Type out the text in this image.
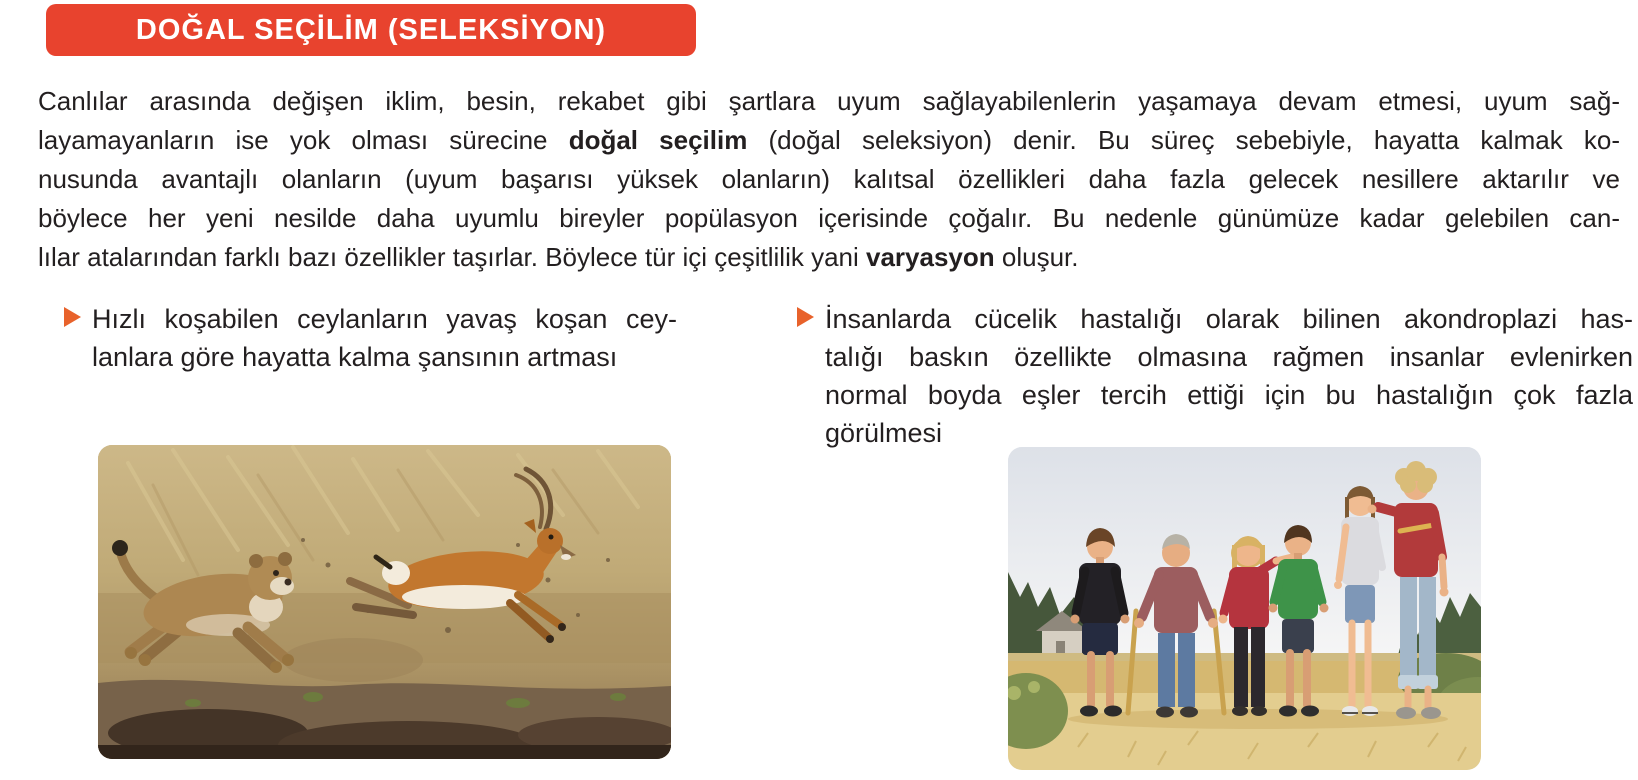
DOĞAL SEÇİLİM (SELEKSİYON)
Canlılar arasında değişen iklim, besin, rekabet gibi şartlara uyum sağlayabilenlerin yaşamaya devam etmesi, uyum sağ-
layamayanların ise yok olması sürecine doğal seçilim (doğal seleksiyon) denir. Bu süreç sebebiyle, hayatta kalmak ko-
nusunda avantajlı olanların (uyum başarısı yüksek olanların) kalıtsal özellikleri daha fazla gelecek nesillere aktarılır ve
böylece her yeni nesilde daha uyumlu bireyler popülasyon içerisinde çoğalır. Bu nedenle günümüze kadar gelebilen can-
lılar atalarından farklı bazı özellikler taşırlar. Böylece tür içi çeşitlilik yani varyasyon oluşur.
Hızlı koşabilen ceylanların yavaş koşan cey-
lanlara göre hayatta kalma şansının artması
İnsanlarda cücelik hastalığı olarak bilinen akondroplazi has-
talığı baskın özellikte olmasına rağmen insanlar evlenirken
normal boyda eşler tercih ettiği için bu hastalığın çok fazla
görülmesi
